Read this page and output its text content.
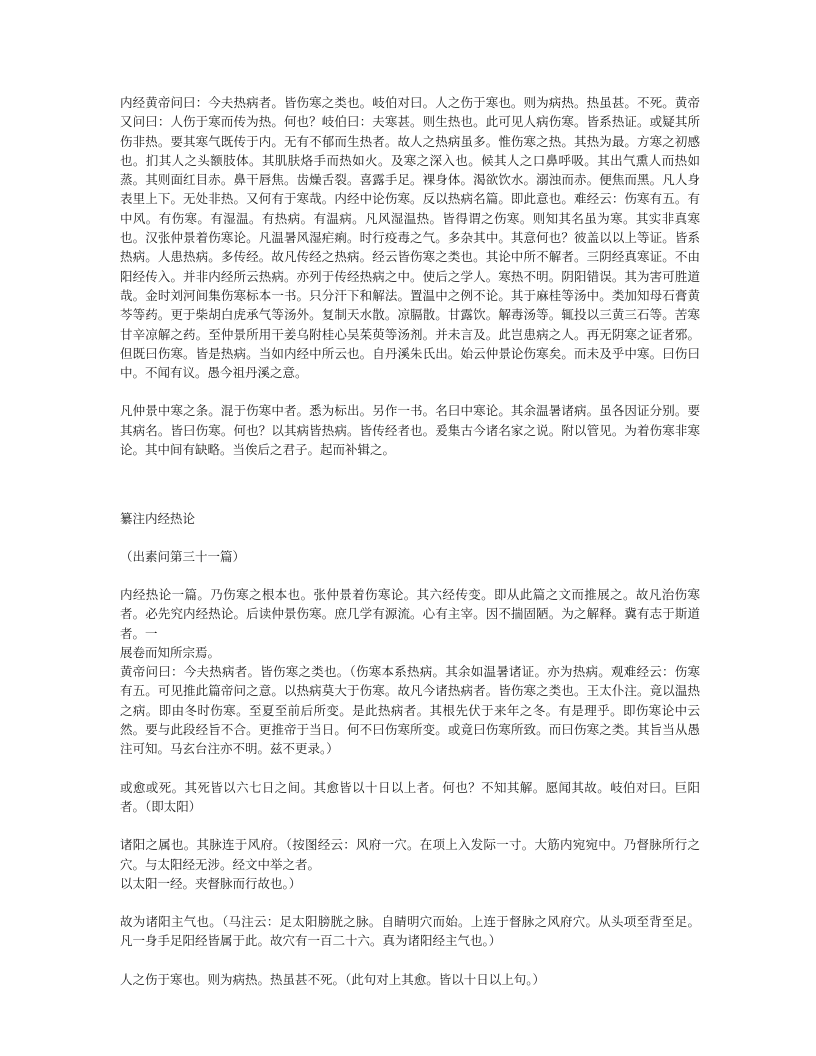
内经黄帝问曰：今夫热病者。皆伤寒之类也。岐伯对曰。人之伤于寒也。则为病热。热虽甚。不死。黄帝又问曰：人伤于寒而传为热。何也？岐伯曰：夫寒甚。则生热也。此可见人病伤寒。皆系热证。或疑其所伤非热。要其寒气既传于内。无有不郁而生热者。故人之热病虽多。惟伤寒之热。其热为最。方寒之初感也。扪其人之头额肢体。其肌肤烙手而热如火。及寒之深入也。候其人之口鼻呼吸。其出气熏人而热如蒸。其则面红目赤。鼻干唇焦。齿燥舌裂。喜露手足。裸身体。渴欲饮水。溺浊而赤。便焦而黑。凡人身表里上下。无处非热。又何有于寒哉。内经中论伤寒。反以热病名篇。即此意也。难经云：伤寒有五。有中风。有伤寒。有湿温。有热病。有温病。凡风湿温热。皆得谓之伤寒。则知其名虽为寒。其实非真寒也。汉张仲景着伤寒论。凡温暑风湿疟痢。时行疫毒之气。多杂其中。其意何也？彼盖以以上等证。皆系热病。人患热病。多传经。故凡传经之热病。经云皆伤寒之类也。其论中所不解者。三阴经真寒证。不由阳经传入。并非内经所云热病。亦列于传经热病之中。使后之学人。寒热不明。阴阳错误。其为害可胜道哉。金时刘河间集伤寒标本一书。只分汗下和解法。置温中之例不论。其于麻桂等汤中。类加知母石膏黄芩等药。更于柴胡白虎承气等汤外。复制天水散。凉膈散。甘露饮。解毒汤等。辄投以三黄三石等。苦寒甘辛凉解之药。至仲景所用干姜乌附桂心吴茱萸等汤剂。并未言及。此岂患病之人。再无阴寒之证者邪。但既曰伤寒。皆是热病。当如内经中所云也。自丹溪朱氏出。始云仲景论伤寒矣。而未及乎中寒。曰伤曰中。不闻有议。愚今祖丹溪之意。

凡仲景中寒之条。混于伤寒中者。悉为标出。另作一书。名曰中寒论。其余温暑诸病。虽各因证分别。要其病名。皆曰伤寒。何也？以其病皆热病。皆传经者也。爰集古今诸名家之说。附以管见。为着伤寒非寒论。其中间有缺略。当俟后之君子。起而补辑之。

纂注内经热论

（出素问第三十一篇）

内经热论一篇。乃伤寒之根本也。张仲景着伤寒论。其六经传变。即从此篇之文而推展之。故凡治伤寒者。必先究内经热论。后读仲景伤寒。庶几学有源流。心有主宰。因不揣固陋。为之解释。冀有志于斯道者。一
展卷而知所宗焉。
黄帝问曰：今夫热病者。皆伤寒之类也。（伤寒本系热病。其余如温暑诸证。亦为热病。观难经云：伤寒有五。可见推此篇帝问之意。以热病莫大于伤寒。故凡今诸热病者。皆伤寒之类也。王太仆注。竟以温热之病。即由冬时伤寒。至夏至前后所变。是此热病者。其根先伏于来年之冬。有是理乎。即伤寒论中云然。要与此段经旨不合。更推帝于当日。何不曰伤寒所变。或竟曰伤寒所致。而曰伤寒之类。其旨当从愚注可知。马玄台注亦不明。兹不更录。）
或愈或死。其死皆以六七日之间。其愈皆以十日以上者。何也？不知其解。愿闻其故。岐伯对曰。巨阳者。（即太阳）
诸阳之属也。其脉连于风府。（按图经云：风府一穴。在项上入发际一寸。大筋内宛宛中。乃督脉所行之穴。与太阳经无涉。经文中举之者。
以太阳一经。夹督脉而行故也。）
故为诸阳主气也。（马注云：足太阳膀胱之脉。自睛明穴而始。上连于督脉之风府穴。从头项至背至足。凡一身手足阳经皆属于此。故穴有一百二十六。真为诸阳经主气也。）
人之伤于寒也。则为病热。热虽甚不死。（此句对上其愈。皆以十日以上句。）
